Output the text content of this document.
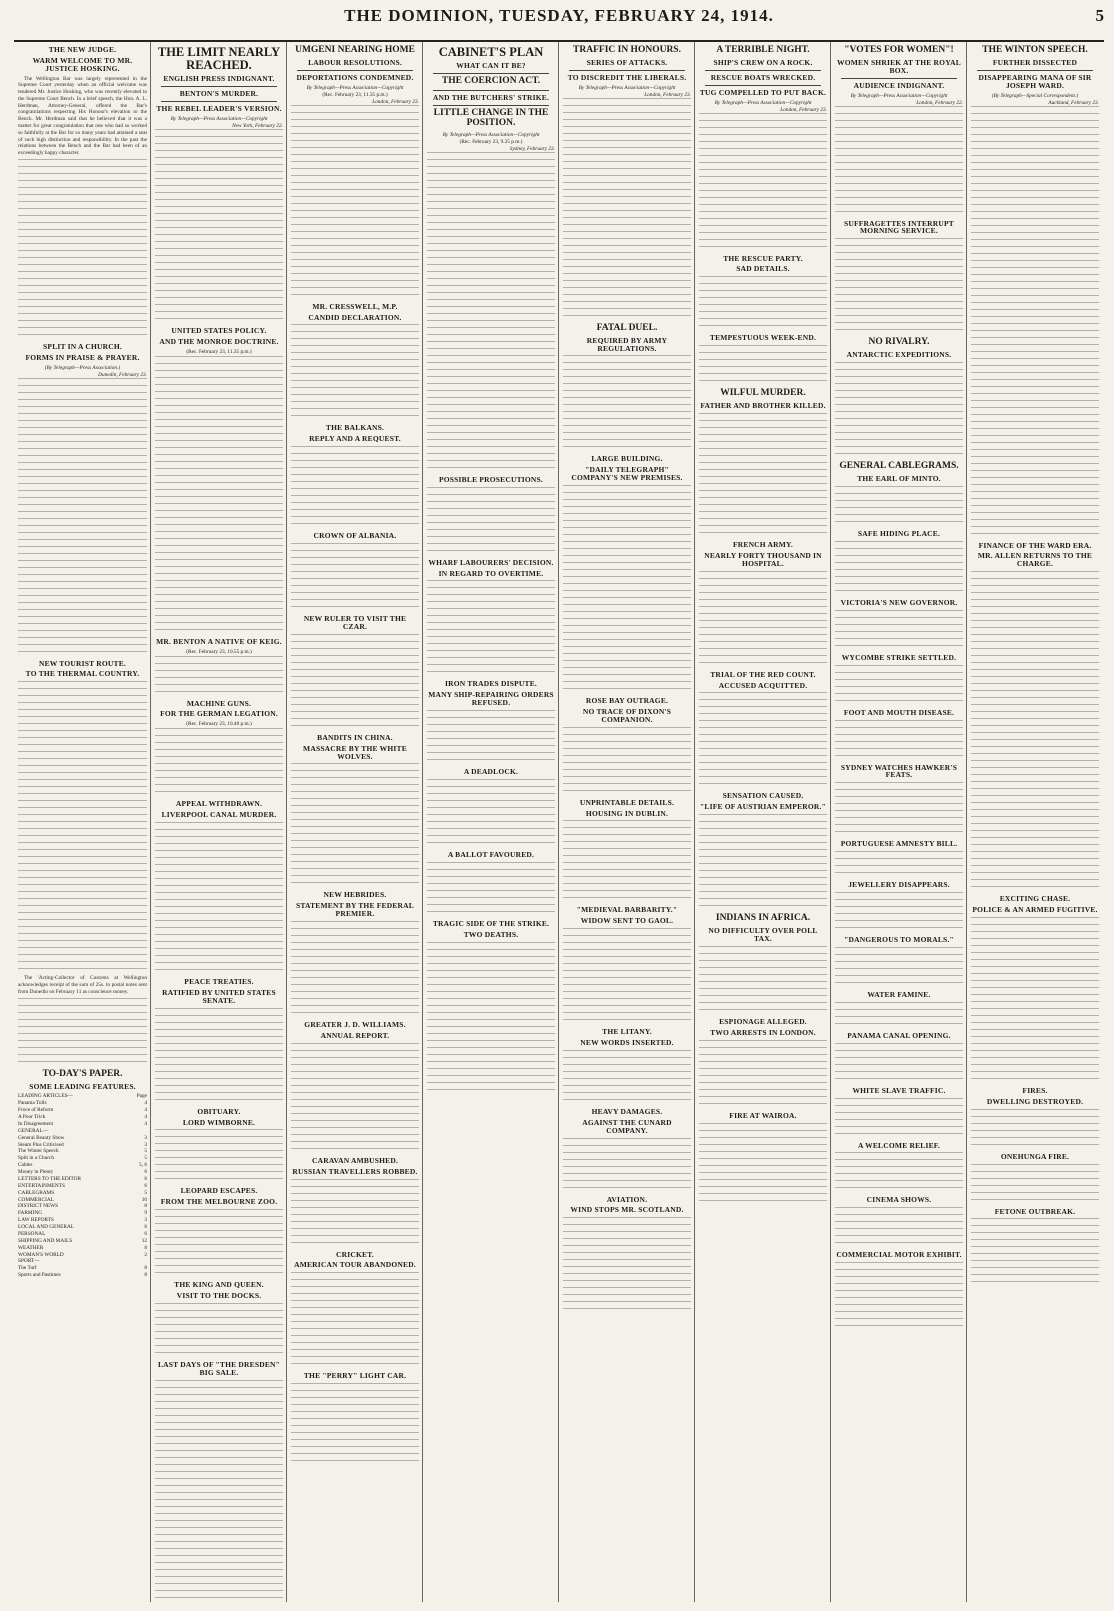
THE DOMINION, TUESDAY, FEBRUARY 24, 1914.	5
THE NEW JUDGE.
WARM WELCOME TO MR. JUSTICE HOSKING.

The Wellington Bar was largely represented in the Supreme Court yesterday when an official welcome was tendered Mr. Justice Hosking, who was recently elevated to the Supreme Court Bench. In a brief speech, the Hon. A. L. Herdman, Attorney-General, offered the Bar's congratulations respecting His Honour's elevation to the Bench. Mr. Herdman said that he believed that it was a matter for great congratulation that one who had so worked so faithfully at the Bar for so many years had attained a seat of such high distinction and responsibility. In the past the relations between the Bench and the Bar had been of an exceedingly happy character.

SPLIT IN A CHURCH.
FORMS IN PRAISE & PRAYER.
(By Telegraph—Press Association.)
Dunedin, February 23.
NEW TOURIST ROUTE.
TO THE THERMAL COUNTRY.

The 'Acting-Collector of Customs at Wellington acknowledges receipt of the sum of 25s. in postal notes sent from Dunedin on February 11 as conscience money.

TO-DAY'S PAPER.
SOME LEADING FEATURES.
LEADING ARTICLES—	Page
Panama Tolls	4
Froce of Reform	4
A Poor Trick	4
In Disagreement	4
GENERAL—
General Beauty Show	3
Steam Plus Criticised	3
The Winter Speech	5
Split in a Church	5
Cables	5, 6
Money in Plenty	6
LETTERS TO THE EDITOR	6
ENTERTAINMENTS	6
CABLEGRAMS	5
COMMERCIAL	10
DISTRICT NEWS	8
FARMING	9
LAW REPORTS	3
LOCAL AND GENERAL	6
PERSONAL	6
SHIPPING AND MAILS	12
WEATHER	8
WOMAN'S WORLD	2
SPORT—
The Turf	8
Sports and Pastimes	8
THE LIMIT NEARLY REACHED.
ENGLISH PRESS INDIGNANT.
BENTON'S MURDER.
THE REBEL LEADER'S VERSION.
By Telegraph—Press Association—Copyright
New York, February 22.
UNITED STATES POLICY.
AND THE MONROE DOCTRINE.
(Rec. February 23, 11.35 p.m.)
MR. BENTON A NATIVE OF KEIG.
(Rec. February 23, 10.55 p.m.)
MACHINE GUNS.
FOR THE GERMAN LEGATION.
(Rec. February 23, 10.40 p.m.)
APPEAL WITHDRAWN.
LIVERPOOL CANAL MURDER.
PEACE TREATIES.
RATIFIED BY UNITED STATES SENATE.
OBITUARY.
LORD WIMBORNE.
LEOPARD ESCAPES.
FROM THE MELBOURNE ZOO.
THE KING AND QUEEN.
VISIT TO THE DOCKS.
LAST DAYS OF "THE DRESDEN" BIG SALE.
UMGENI NEARING HOME
LABOUR RESOLUTIONS.
DEPORTATIONS CONDEMNED.
By Telegraph—Press Association—Copyright
(Rec. February 23, 11.35 p.m.)
London, February 23.
MR. CRESSWELL, M.P.
CANDID DECLARATION.
THE BALKANS.
REPLY AND A REQUEST.
CROWN OF ALBANIA.
NEW RULER TO VISIT THE CZAR.
BANDITS IN CHINA.
MASSACRE BY THE WHITE WOLVES.
NEW HEBRIDES.
STATEMENT BY THE FEDERAL PREMIER.
GREATER J. D. WILLIAMS.
ANNUAL REPORT.
CARAVAN AMBUSHED.
RUSSIAN TRAVELLERS ROBBED.
CRICKET.
AMERICAN TOUR ABANDONED.
THE "PERRY" LIGHT CAR.
CABINET'S PLAN
WHAT CAN IT BE?
THE COERCION ACT.
AND THE BUTCHERS' STRIKE.
LITTLE CHANGE IN THE POSITION.
By Telegraph—Press Association—Copyright
(Rec. February 23, 9.25 p.m.)
Sydney, February 23.
POSSIBLE PROSECUTIONS.
WHARF LABOURERS' DECISION.
IN REGARD TO OVERTIME.
IRON TRADES DISPUTE.
MANY SHIP-REPAIRING ORDERS REFUSED.
A DEADLOCK.
A BALLOT FAVOURED.
TRAGIC SIDE OF THE STRIKE.
TWO DEATHS.
TRAFFIC IN HONOURS.
SERIES OF ATTACKS.
TO DISCREDIT THE LIBERALS.
By Telegraph—Press Association—Copyright
London, February 23.
FATAL DUEL.
REQUIRED BY ARMY REGULATIONS.
LARGE BUILDING.
"DAILY TELEGRAPH" COMPANY'S NEW PREMISES.
ROSE BAY OUTRAGE.
NO TRACE OF DIXON'S COMPANION.
UNPRINTABLE DETAILS.
HOUSING IN DUBLIN.
"MEDIEVAL BARBARITY."
WIDOW SENT TO GAOL.
THE LITANY.
NEW WORDS INSERTED.
HEAVY DAMAGES.
AGAINST THE CUNARD COMPANY.
AVIATION.
WIND STOPS MR. SCOTLAND.
A TERRIBLE NIGHT.
SHIP'S CREW ON A ROCK.
RESCUE BOATS WRECKED.
TUG COMPELLED TO PUT BACK.
By Telegraph—Press Association—Copyright
London, February 23.
THE RESCUE PARTY.
SAD DETAILS.
TEMPESTUOUS WEEK-END.
WILFUL MURDER.
FATHER AND BROTHER KILLED.
FRENCH ARMY.
NEARLY FORTY THOUSAND IN HOSPITAL.
TRIAL OF THE RED COUNT.
ACCUSED ACQUITTED.
SENSATION CAUSED.
"LIFE OF AUSTRIAN EMPEROR."
INDIANS IN AFRICA.
NO DIFFICULTY OVER POLL TAX.
ESPIONAGE ALLEGED.
TWO ARRESTS IN LONDON.
FIRE AT WAIROA.
"VOTES FOR WOMEN"!
WOMEN SHRIEK AT THE ROYAL BOX.
AUDIENCE INDIGNANT.
By Telegraph—Press Association—Copyright
London, February 22.
SUFFRAGETTES INTERRUPT MORNING SERVICE.
NO RIVALRY.
ANTARCTIC EXPEDITIONS.
GENERAL CABLEGRAMS.
THE EARL OF MINTO.
SAFE HIDING PLACE.
VICTORIA'S NEW GOVERNOR.
WYCOMBE STRIKE SETTLED.
FOOT AND MOUTH DISEASE.
SYDNEY WATCHES HAWKER'S FEATS.
PORTUGUESE AMNESTY BILL.
JEWELLERY DISAPPEARS.
"DANGEROUS TO MORALS."
WATER FAMINE.
PANAMA CANAL OPENING.
WHITE SLAVE TRAFFIC.
A WELCOME RELIEF.
CINEMA SHOWS.
COMMERCIAL MOTOR EXHIBIT.
THE WINTON SPEECH.
FURTHER DISSECTED
DISAPPEARING MANA OF SIR JOSEPH WARD.
(By Telegraph—Special Correspondent.)
Auckland, February 23.
FINANCE OF THE WARD ERA.
MR. ALLEN RETURNS TO THE CHARGE.
EXCITING CHASE.
POLICE & AN ARMED FUGITIVE.
FIRES.
DWELLING DESTROYED.
ONEHUNGA FIRE.
FETONE OUTBREAK.
